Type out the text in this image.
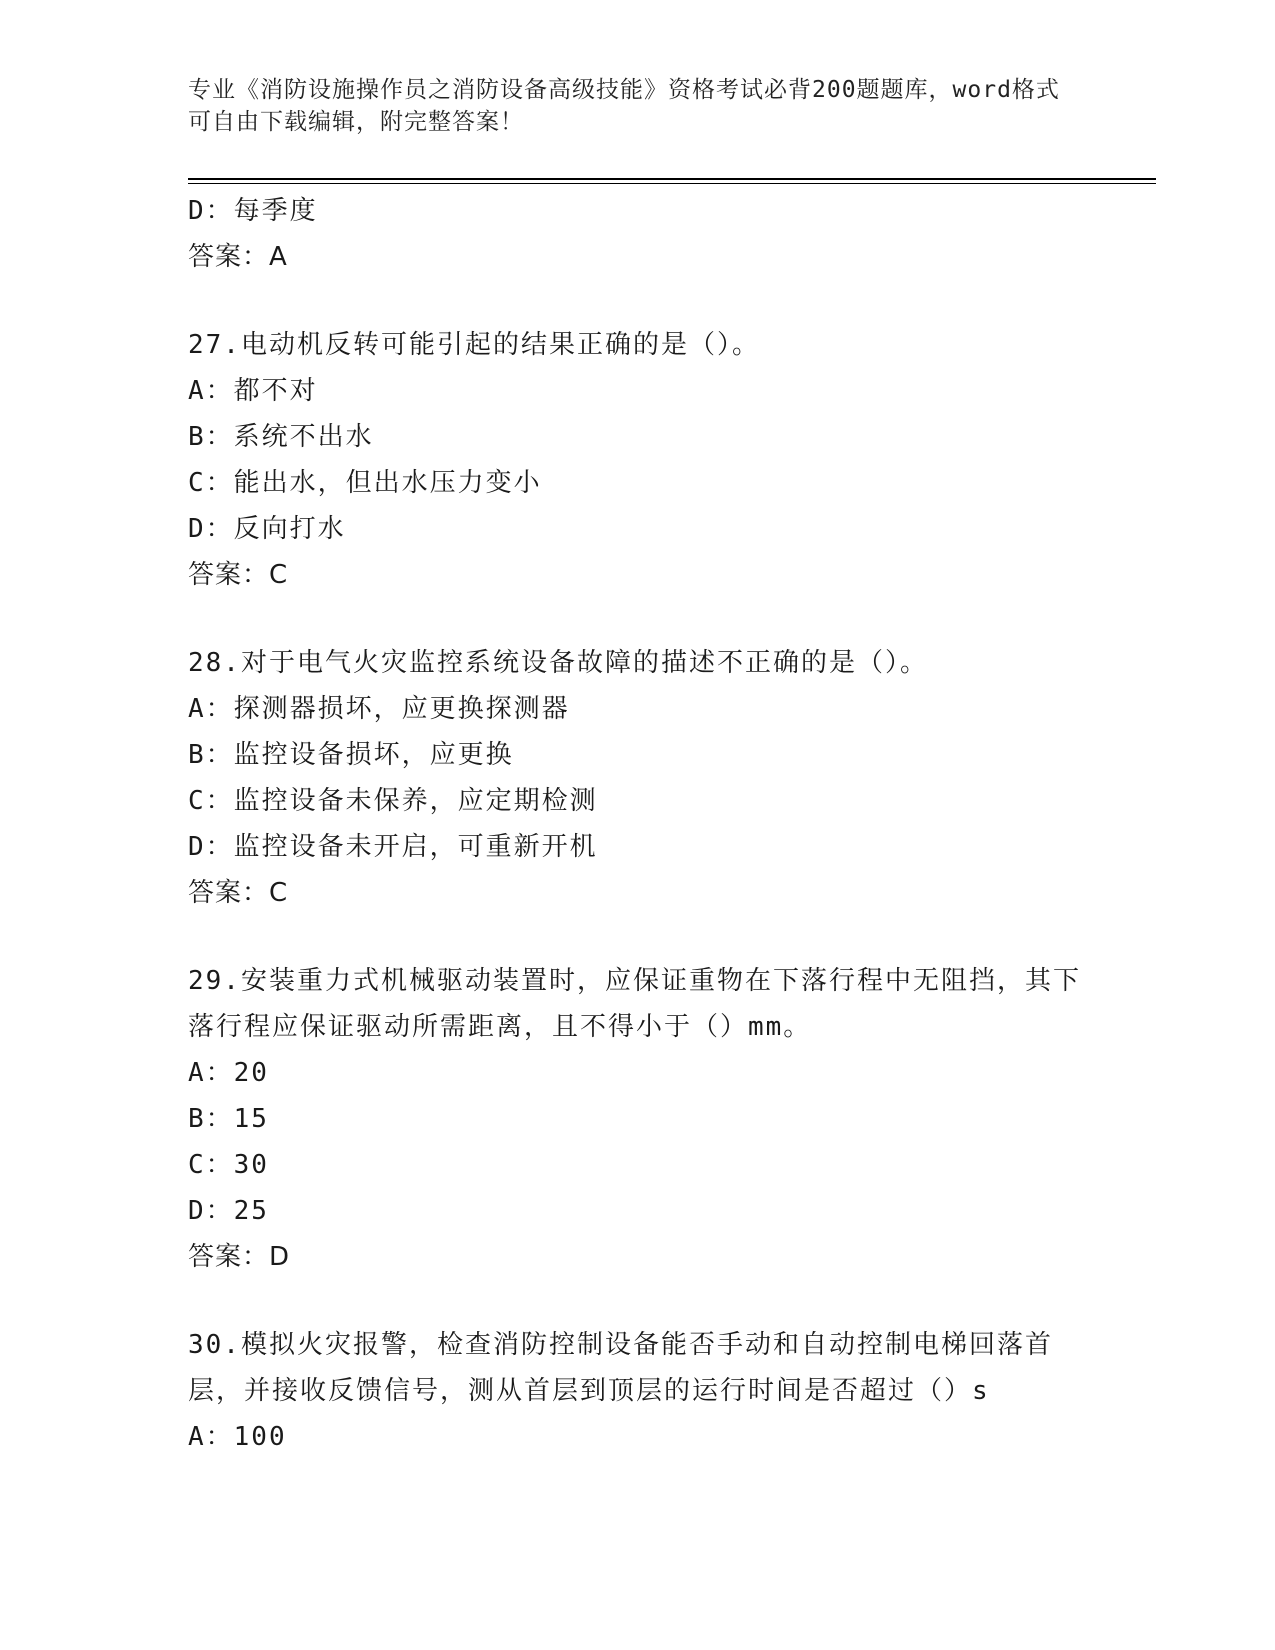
专业《消防设施操作员之消防设备高级技能》资格考试必背200题题库，word格式可自由下载编辑，附完整答案！
D：每季度
答案：A
27.电动机反转可能引起的结果正确的是（）。
A：都不对
B：系统不出水
C：能出水，但出水压力变小
D：反向打水
答案：C
28.对于电气火灾监控系统设备故障的描述不正确的是（）。
A：探测器损坏，应更换探测器
B：监控设备损坏，应更换
C：监控设备未保养，应定期检测
D：监控设备未开启，可重新开机
答案：C
29.安装重力式机械驱动装置时，应保证重物在下落行程中无阻挡，其下落行程应保证驱动所需距离，且不得小于（）mm。
A：20
B：15
C：30
D：25
答案：D
30.模拟火灾报警，检查消防控制设备能否手动和自动控制电梯回落首层，并接收反馈信号，测从首层到顶层的运行时间是否超过（）s
A：100
